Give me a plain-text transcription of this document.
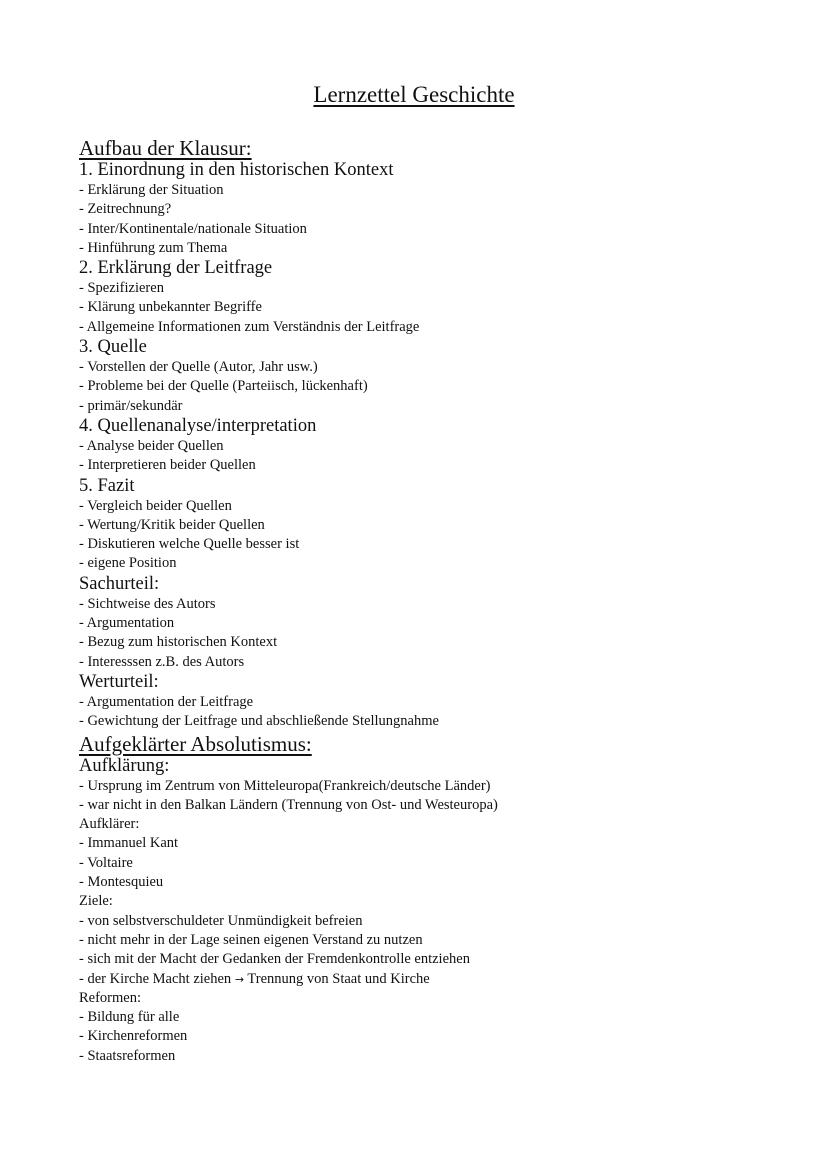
Lernzettel Geschichte

Aufbau der Klausur:

1. Einordnung in den historischen Kontext

- Erklärung der Situation

- Zeitrechnung?

- Inter/Kontinentale/nationale Situation

- Hinführung zum Thema

2. Erklärung der Leitfrage

- Spezifizieren

- Klärung unbekannter Begriffe

- Allgemeine Informationen zum Verständnis der Leitfrage

3. Quelle

- Vorstellen der Quelle (Autor, Jahr usw.)

- Probleme bei der Quelle (Parteiisch, lückenhaft)

- primär/sekundär

4. Quellenanalyse/interpretation

- Analyse beider Quellen

- Interpretieren beider Quellen

5. Fazit

- Vergleich beider Quellen

- Wertung/Kritik beider Quellen

- Diskutieren welche Quelle besser ist

- eigene Position

Sachurteil:

- Sichtweise des Autors

- Argumentation

- Bezug zum historischen Kontext

- Interesssen z.B. des Autors

Werturteil:

- Argumentation der Leitfrage

- Gewichtung der Leitfrage und abschließende Stellungnahme

Aufgeklärter Absolutismus:

Aufklärung:

- Ursprung im Zentrum von Mitteleuropa(Frankreich/deutsche Länder)

- war nicht in den Balkan Ländern (Trennung von Ost- und Westeuropa)

Aufklärer:

- Immanuel Kant

- Voltaire

- Montesquieu

Ziele:

- von selbstverschuldeter Unmündigkeit befreien

- nicht mehr in der Lage seinen eigenen Verstand zu nutzen

- sich mit der Macht der Gedanken der Fremdenkontrolle entziehen

- der Kirche Macht ziehen → Trennung von Staat und Kirche

Reformen:

- Bildung für alle

- Kirchenreformen

- Staatsreformen
